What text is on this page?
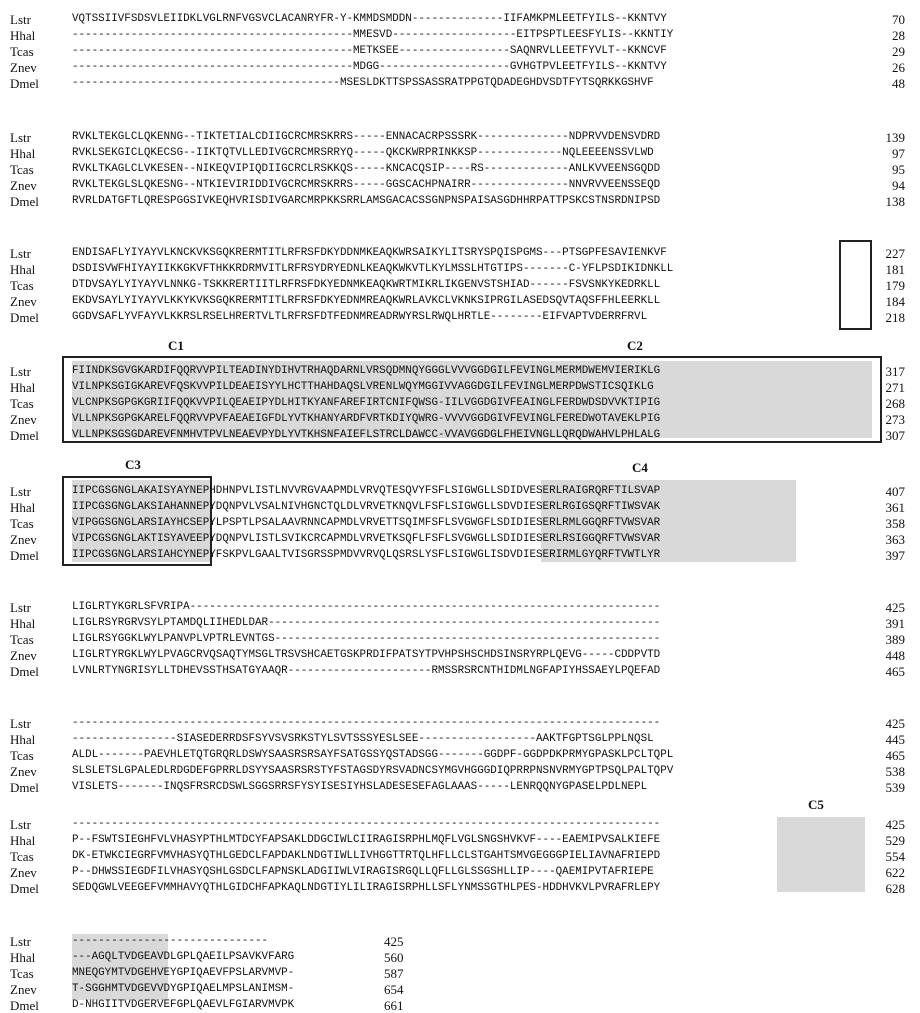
C1	C2
C3	C4
C5
Lstr	VQTSSIIVFSDSVLEIIDKLVGLRNFVGSVCLACANRYFR-Y-KMMDSMDDN--------------IIFAMKPMLEETFYILS--KKNTVY	70
Hhal	-------------------------------------------MMESVD-------------------EITPSPTLEESFYLIS--KKNTIY	28
Tcas	-------------------------------------------METKSEE-----------------SAQNRVLLEETFYVLT--KKNCVF	29
Znev	-------------------------------------------MDGG--------------------GVHGTPVLEETFYILS--KKNTVY	26
Dmel	-----------------------------------------MSESLDKTTSPSSASSRATPPGTQDADEGHDVSDTFYTSQRKKGSHVF	48
Lstr	RVKLTEKGLCLQKENNG--TIKTETIALCDIIGCRCMRSKRRS-----ENNACACRPSSSRK--------------NDPRVVDENSVDRD	139
Hhal	RVKLSEKGICLQKECSG--IIKTQTVLLEDIVGCRCMRSRRYQ-----QKCKWRPRINKKSP-------------NQLEEEENSSVLWD	97
Tcas	RVKLTKAGLCLVKESEN--NIKEQVIPIQDIIGCRCLRSKKQS-----KNCACQSIP----RS-------------ANLKVVEENSGQDD	95
Znev	RVKLTEKGLSLQKESNG--NTKIEVIRIDDIVGCRCMRSKRRS-----GGSCACHPNAIRR---------------NNVRVVEENSSEQD	94
Dmel	RVRLDATGFTLQRESPGGSIVKEQHVRISDIVGARCMRPKKSRRLAMSGACACSSGNPNSPAISASGDHHRPATTPSKCSTNSRDNIPSD	138
Lstr	ENDISAFLYIYAYVLKNCKVKSGQKRERMTITLRFRSFDKYDDNMKEAQKWRSAIKYLITSRYSPQISPGMS---PTSGPFESAVIENKVF	227
Hhal	DSDISVWFHIYAYIIKKGKVFTHKKRDRMVITLRFRSYDRYEDNLKEAQKWKVTLKYLMSSLHTGTIPS-------C-YFLPSDIKIDNKLL	181
Tcas	DTDVSAYLYIYAYVLNNKG-TSKKRERTIITLRFRSFDKYEDNMKEAQKWRTMIKRLIKGENVSTSHIAD------FSVSNKYKEDRKLL	179
Znev	EKDVSAYLYIYAYVLKKYKVKSGQKRERMTITLRFRSFDKYEDNMREAQKWRLAVKCLVKNKSIPRGILASEDSQVTAQSFFHLEERKLL	184
Dmel	GGDVSAFLYVFAYVLKKRSLRSELHRERTVLTLRFRSFDTFEDNMREADRWYRSLRWQLHRTLE--------EIFVAPTVDERRFRVL	218
Lstr	FIINDKSGVGKARDIFQQRVVPILTEADINYDIHVTRHAQDARNLVRSQDMNQYGGGLVVVGGDGILFEVINGLMERMDWEMVIERIKLG	317
Hhal	VILNPKSGIGKAREVFQSKVVPILDEAEISYYLHCTTHAHDAQSLVRENLWQYMGGIVVAGGDGILFEVINGLMERPDWSTICSQIKLG	271
Tcas	VLCNPKSGPGKGRIIFQQKVVPILQEAEIPYDLHITKYANFAREFIRTCNIFQWSG-IILVGGDGIVFEAINGLFERDWDSDVVKTIPIG	268
Znev	VLLNPKSGPGKARELFQQRVVPVFAEAEIGFDLYVTKHANYARDFVRTKDIYQWRG-VVVVGGDGIVFEVINGLFEREDWOTAVEKLPIG	273
Dmel	VLLNPKSGSGDAREVFNMHVTPVLNEAEVPYDLYVTKHSNFAIEFLSTRCLDAWCC-VVAVGGDGLFHEIVNGLLQRQDWAHVLPHLALG	307
Lstr	IIPCGSGNGLAKAISYAYNEPHDHNPVLISTLNVVRGVAAPMDLVRVQTESQVYFSFLSIGWGLLSDIDVESERLRAIGRQRFTILSVAP	407
Hhal	IIPCGSGNGLAKSIAHANNEPYDQNPVLVSALNIVHGNCTQLDLVRVETKNQVLFSFLSIGWGLLSDVDIESERLRGIGSQRFTIWSVAK	361
Tcas	VIPGGSGNGLARSIAYHCSEPYLPSPTLPSALAAVRNNCAPMDLVRVETTSQIMFSFLSVGWGFLSDIDIESERLRMLGGQRFTVWSVAR	358
Znev	VIPCGSGNGLAKTISYAVEEPYDQNPVLISTLSVIKCRCAPMDLVRVETKSQFLFSFLSVGWGLLSDIDIESERLRSIGGQRFTVWSVAR	363
Dmel	IIPCGSGNGLARSIAHCYNEPYFSKPVLGAALTVISGRSSPMDVVRVQLQSRSLYSFLSIGWGLISDVDIESERIRMLGYQRFTVWTLYR	397
Lstr	LIGLRTYKGRLSFVRIPA------------------------------------------------------------------------	425
Hhal	LIGLRSYRGRVSYLPTAMDQLIIHEDLDAR------------------------------------------------------------	391
Tcas	LIGLRSYGGKLWYLPANVPLVPTRLEVNTGS-----------------------------------------------------------	389
Znev	LIGLRTYRGKLWYLPVAGCRVQSAQTYMSGLTRSVSHCAETGSKPRDIFPATSYTPVHPSHSCHDSINSRYRPLQEVG-----CDDPVTD	448
Dmel	LVNLRTYNGRISYLLTDHEVSSTHSATGYAAQR----------------------RMSSRSRCNTHIDMLNGFAPIYHSSAEYLPQEFAD	465
Lstr	------------------------------------------------------------------------------------------	425
Hhal	----------------SIASEDERRDSFSYVSVSRKSTYLSVTSSSYESLSEE------------------AAKTFGPTSGLPPLNQSL	445
Tcas	ALDL-------PAEVHLETQTGRQRLDSWYSAASRSRSAYFSATGSSYQSTADSGG-------GGDPF-GGDPDKPRMYGPASKLPCLTQPL	465
Znev	SLSLETSLGPALEDLRDGDEFGPRRLDSYYSAASRSRSTYFSTAGSDYRSVADNCSYMGVHGGGDIQPRRPNSNVRMYGPTPSQLPALTQPV	538
Dmel	VISLETS-------INQSFRSRCDSWLSGGSRRSFYSYISESIYHSLADESESEFAGLAAAS-----LENRQQNYGPASELPDLNEPL	539
Lstr	------------------------------------------------------------------------------------------	425
Hhal	P--FSWTSIEGHFVLVHASYPTHLMTDCYFAPSAKLDDGCIWLCIIRAGISRPHLMQFLVGLSNGSHVKVF----EAEMIPVSALKIEFE	529
Tcas	DK-ETWKCIEGRFVMVHASYQTHLGEDCLFAPDAKLNDGTIWLLIVHGGTTRTQLHFLLCLSTGAHTSMVGEGGGPIELIAVNAFRIEPD	554
Znev	P--DHWSSIEGDFILVHASYQSHLGSDCLFAPNSKLADGIIWLVIRAGISRGQLLQFLLGLSSGSHLLIP----QAEMIPVTAFRIEPE	622
Dmel	SEDQGWLVEEGEFVMMHAVYQTHLGIDCHFAPKAQLNDGTIYLILIRAGISRPHLLSFLYNMSSGTHLPES-HDDHVKVLPVRAFRLEPY	628
Lstr	------------------------------	425
Hhal	---AGQLTVDGEAVDLGPLQAEILPSAVKVFARG	560
Tcas	MNEQGYMTVDGEHVEYGPIQAEVFPSLARVMVP-	587
Znev	T-SGGHMTVDGEVVDYGPIQAELMPSLANIMSM-	654
Dmel	D-NHGIITVDGERVEFGPLQAEVLFGIARVMVPK	661
